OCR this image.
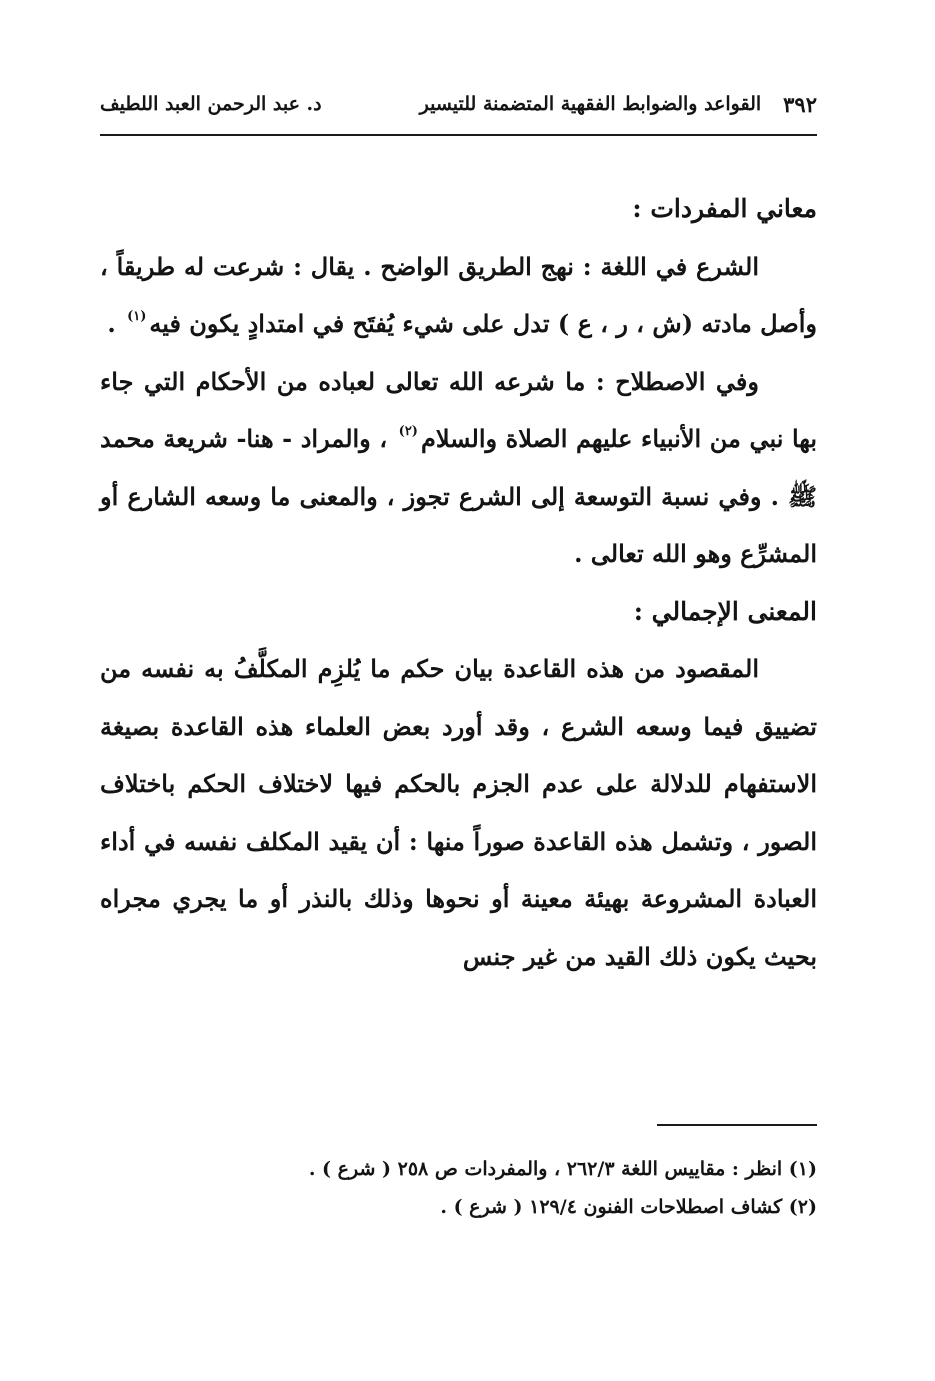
٣٩٢
القواعد والضوابط الفقهية المتضمنة للتيسير
د. عبد الرحمن العبد اللطيف

معاني المفردات :

الشرع في اللغة : نهج الطريق الواضح . يقال : شرعت له طريقاً ، وأصل مادته (ش ، ر ، ع ) تدل على شيء يُفتَح في امتدادٍ يكون فيه$^{(١)}$ .

وفي الاصطلاح : ما شرعه الله تعالى لعباده من الأحكام التي جاء بها نبي من الأنبياء عليهم الصلاة والسلام$^{(٢)}$ ، والمراد - هنا- شريعة محمد ﷺ . وفي نسبة التوسعة إلى الشرع تجوز ، والمعنى ما وسعه الشارع أو المشرِّع وهو الله تعالى .

المعنى الإجمالي :

المقصود من هذه القاعدة بيان حكم ما يُلزِم المكلَّفُ به نفسه من تضييق فيما وسعه الشرع ، وقد أورد بعض العلماء هذه القاعدة بصيغة الاستفهام للدلالة على عدم الجزم بالحكم فيها لاختلاف الحكم باختلاف الصور ، وتشمل هذه القاعدة صوراً منها : أن يقيد المكلف نفسه في أداء العبادة المشروعة بهيئة معينة أو نحوها وذلك بالنذر أو ما يجري مجراه بحيث يكون ذلك القيد من غير جنس

(١) انظر : مقاييس اللغة ٢٦٢/٣ ، والمفردات ص ٢٥٨ ( شرع ) .

(٢) كشاف اصطلاحات الفنون ١٢٩/٤ ( شرع ) .
